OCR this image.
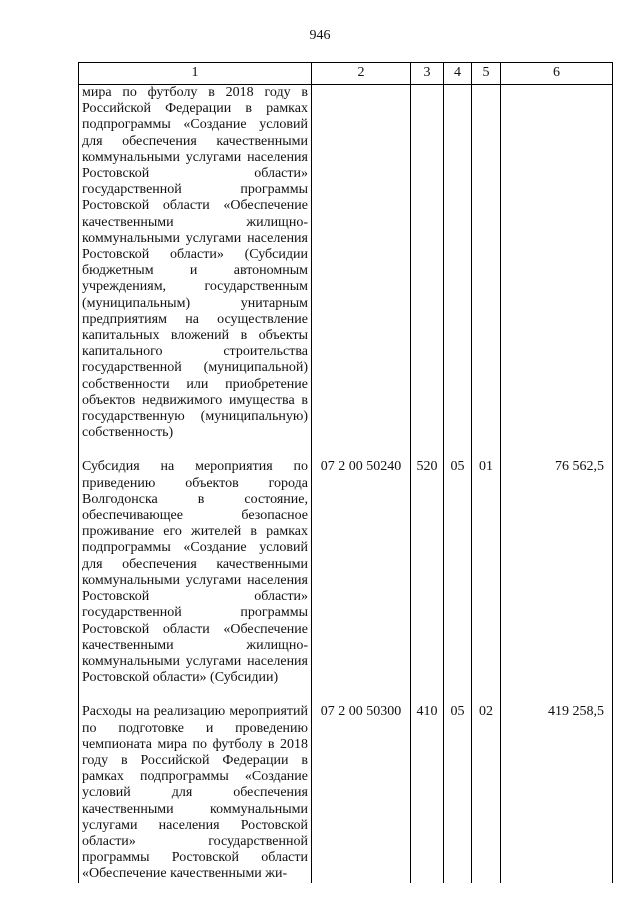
946
1	2	3	4	5	6
мира по футболу в 2018 году в Российской Федерации в рамках подпрограммы «Создание условий для обеспечения качественными коммунальными услугами населения Ростовской области» государственной программы Ростовской области «Обеспечение качественными жилищно-коммунальными услугами населения Ростовской области» (Субсидии бюджетным и автономным учреждениям, государственным (муниципальным) унитарным предприятиям на осуществление капитальных вложений в объекты капитального строительства государственной (муниципальной) собственности или приобретение объектов недвижимого имущества в государственную (муниципальную) собственность)					

Субсидия на мероприятия по приведению объектов города Волгодонска в состояние, обеспечивающее безопасное проживание его жителей в рамках подпрограммы «Создание условий для обеспечения качественными коммунальными услугами населения Ростовской области» государственной программы Ростовской области «Обеспечение качественными жилищно-коммунальными услугами населения Ростовской области» (Субсидии)	07 2 00 50240	520	05	01	76 562,5

Расходы на реализацию мероприятий по подготовке и проведению чемпионата мира по футболу в 2018 году в Российской Федерации в рамках подпрограммы «Создание условий для обеспечения качественными коммунальными услугами населения Ростовской области» государственной программы Ростовской области «Обеспечение качественными жи-	07 2 00 50300	410	05	02	419 258,5
